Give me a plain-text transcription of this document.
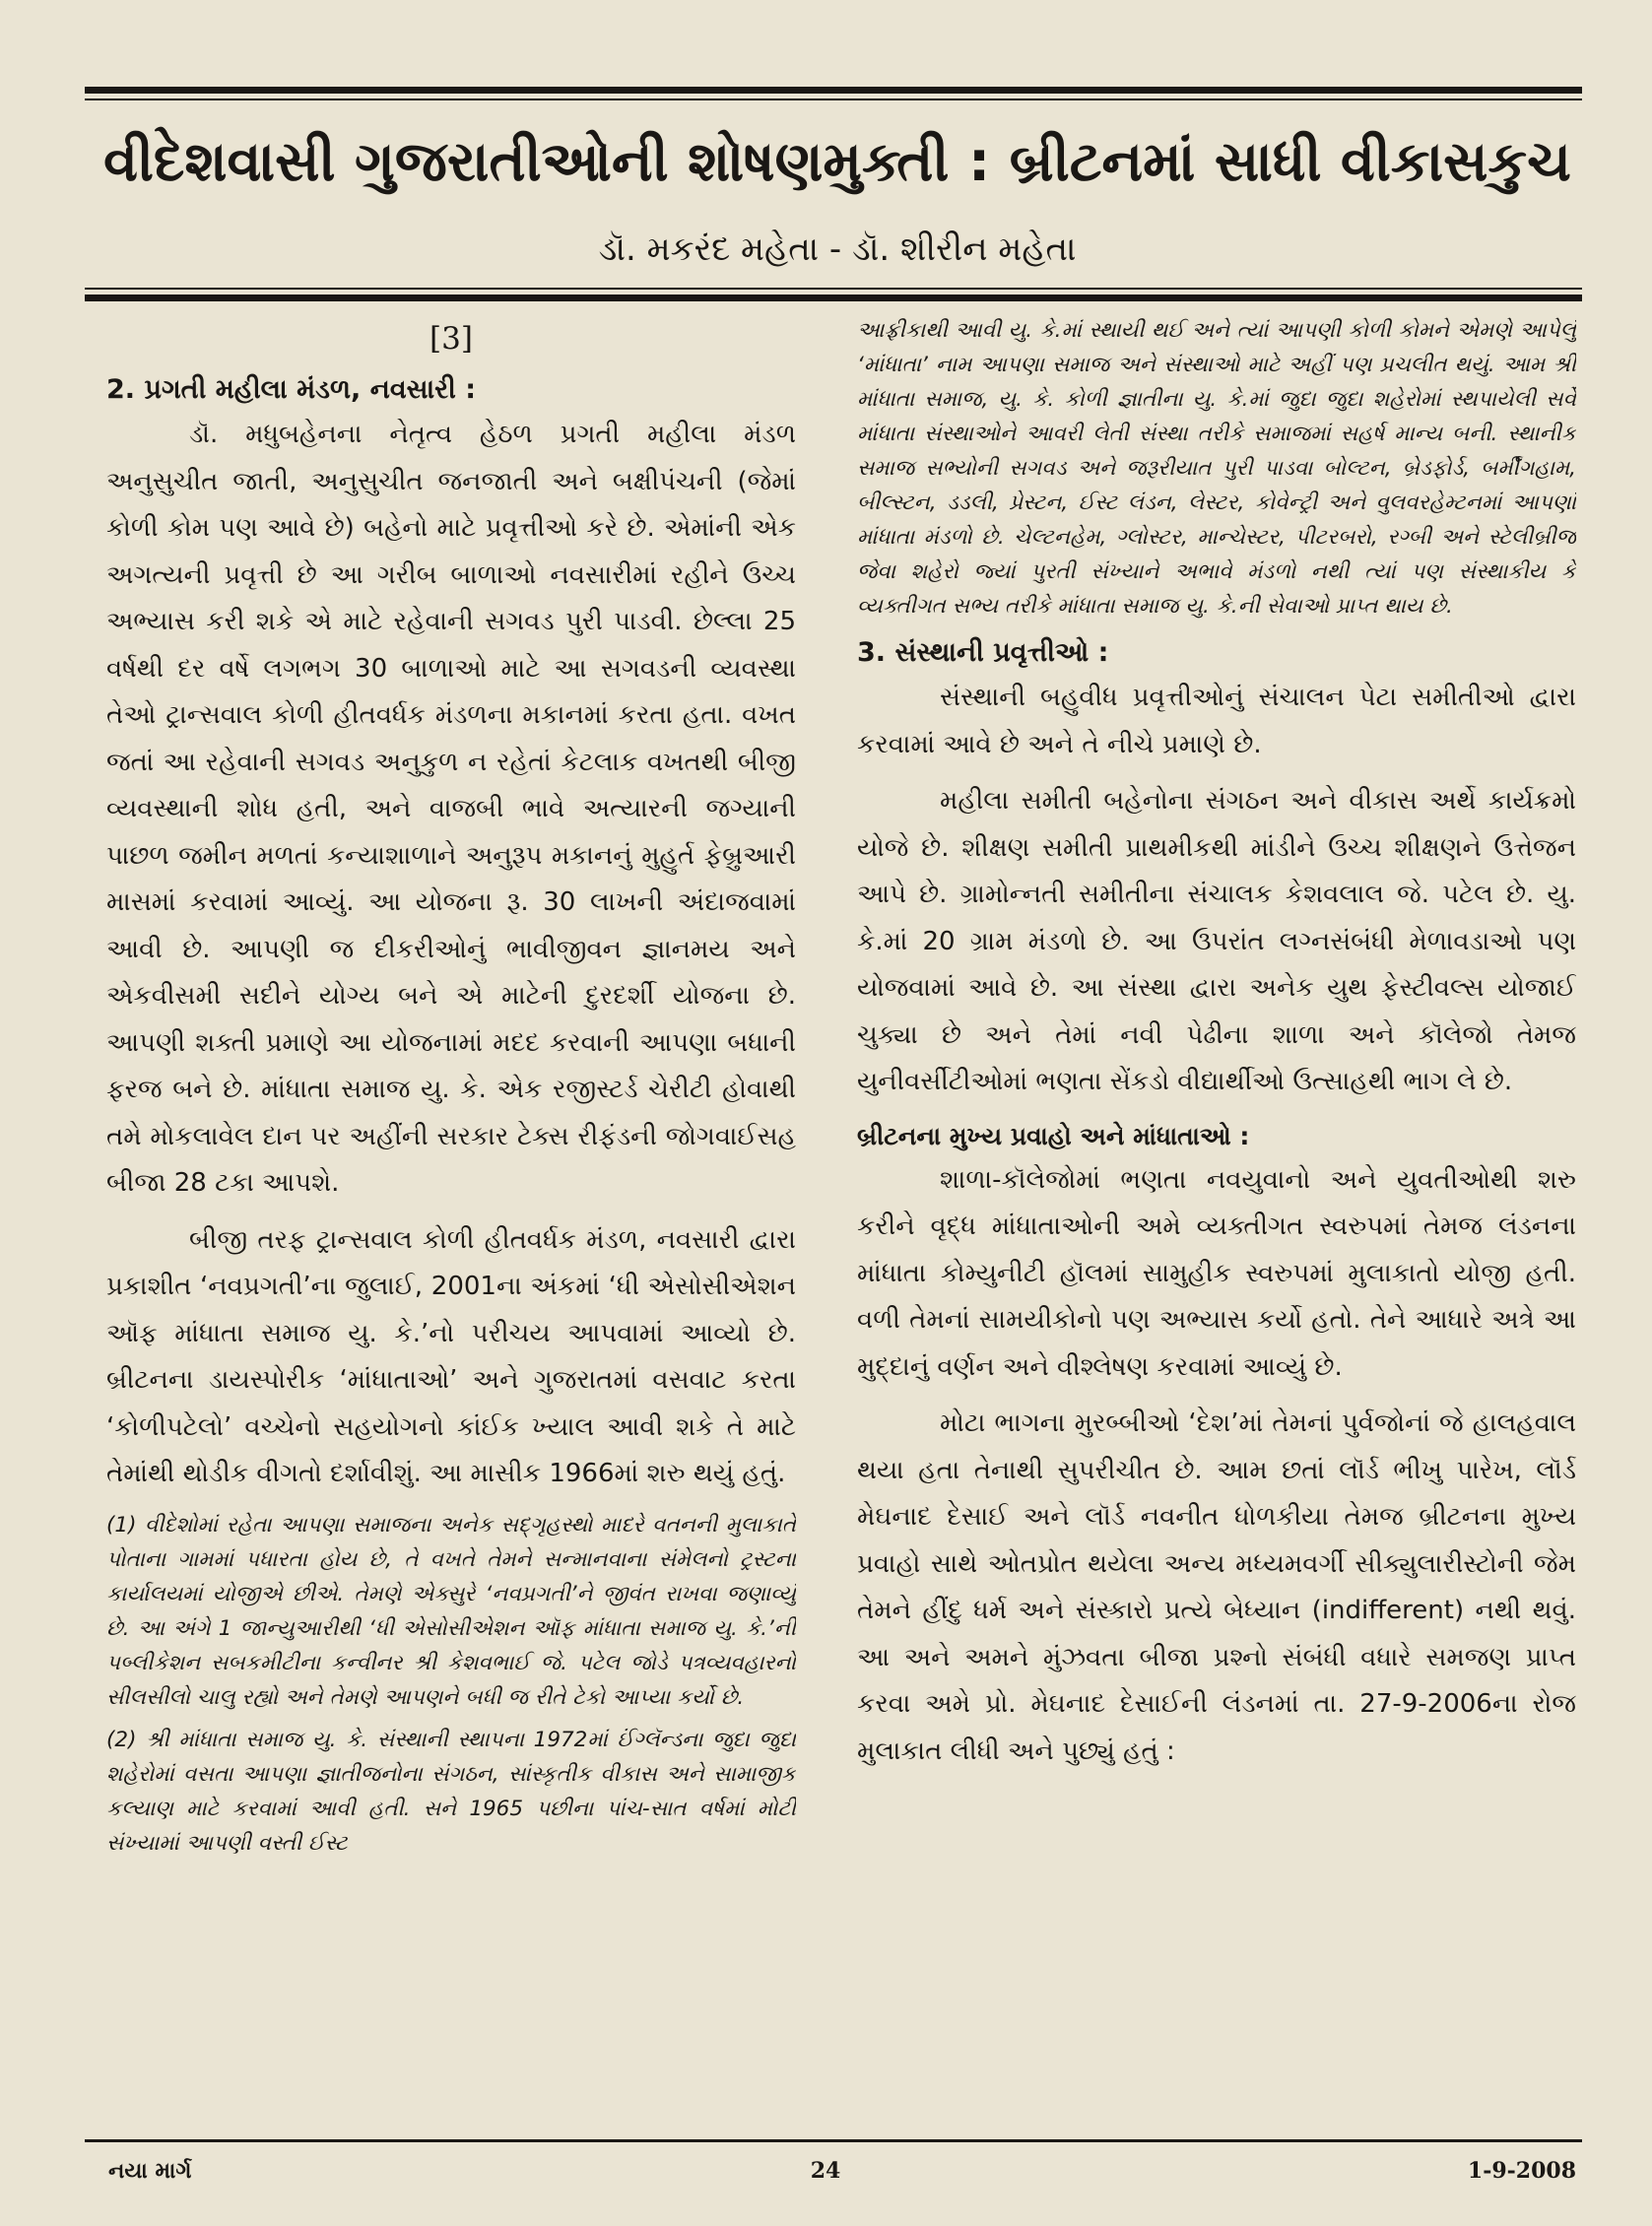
વીદેશવાસી ગુજરાતીઓની શોષણમુક્તી : બ્રીટનમાં સાધી વીકાસકુચ
ડૉ. મકરંદ મહેતા - ડૉ. શીરીન મહેતા
[3]
2. પ્રગતી મહીલા મંડળ, નવસારી :

ડૉ. મધુબહેનના નેતૃત્વ હેઠળ પ્રગતી મહીલા મંડળ અનુસુચીત જાતી, અનુસુચીત જનજાતી અને બક્ષીપંચની (જેમાં કોળી કોમ પણ આવે છે) બહેનો માટે પ્રવૃત્તીઓ કરે છે. એમાંની એક અગત્યની પ્રવૃત્તી છે આ ગરીબ બાળાઓ નવસારીમાં રહીને ઉચ્ચ અભ્યાસ કરી શકે એ માટે રહેવાની સગવડ પુરી પાડવી. છેલ્લા 25 વર્ષથી દર વર્ષે લગભગ 30 બાળાઓ માટે આ સગવડની વ્યવસ્થા તેઓ ટ્રાન્સવાલ કોળી હીતવર્ધક મંડળના મકાનમાં કરતા હતા. વખત જતાં આ રહેવાની સગવડ અનુકુળ ન રહેતાં કેટલાક વખતથી બીજી વ્યવસ્થાની શોધ હતી, અને વાજબી ભાવે અત્યારની જગ્યાની પાછળ જમીન મળતાં કન્યાશાળાને અનુરૂપ મકાનનું મુહુર્ત ફેબ્રુઆરી માસમાં કરવામાં આવ્યું. આ યોજના રૂ. 30 લાખની અંદાજવામાં આવી છે. આપણી જ દીકરીઓનું ભાવીજીવન જ્ઞાનમય અને એકવીસમી સદીને યોગ્ય બને એ માટેની દુરદર્શી યોજના છે. આપણી શક્તી પ્રમાણે આ યોજનામાં મદદ કરવાની આપણા બધાની ફરજ બને છે. માંધાતા સમાજ યુ. કે. એક રજીસ્ટર્ડ ચેરીટી હોવાથી તમે મોકલાવેલ દાન પર અહીંની સરકાર ટેક્સ રીફંડની જોગવાઈસહ બીજા 28 ટકા આપશે.

બીજી તરફ ટ્રાન્સવાલ કોળી હીતવર્ધક મંડળ, નવસારી દ્વારા પ્રકાશીત ‘નવપ્રગતી’ના જુલાઈ, 2001ના અંકમાં ‘ધી એસોસીએશન ઑફ માંધાતા સમાજ યુ. કે.’નો પરીચય આપવામાં આવ્યો છે. બ્રીટનના ડાયસ્પોરીક ‘માંધાતાઓ’ અને ગુજરાતમાં વસવાટ કરતા ‘કોળીપટેલો’ વચ્ચેનો સહયોગનો કાંઈક ખ્યાલ આવી શકે તે માટે તેમાંથી થોડીક વીગતો દર્શાવીશું. આ માસીક 1966માં શરુ થયું હતું.

(1) વીદેશોમાં રહેતા આપણા સમાજના અનેક સદ્‌ગૃહસ્થો માદરે વતનની મુલાકાતે પોતાના ગામમાં પધારતા હોય છે, તે વખતે તેમને સન્માનવાના સંમેલનો ટ્રસ્ટના કાર્યાલયમાં યોજીએ છીએ. તેમણે એક્સુરે ‘નવપ્રગતી’ને જીવંત રાખવા જણાવ્યું છે. આ અંગે 1 જાન્યુઆરીથી ‘ધી એસોસીએશન ઑફ માંધાતા સમાજ યુ. કે.’ની પબ્લીકેશન સબકમીટીના કન્વીનર શ્રી કેશવભાઈ જે. પટેલ જોડે પત્રવ્યવહારનો સીલસીલો ચાલુ રહ્યો અને તેમણે આપણને બધી જ રીતે ટેકો આપ્યા કર્યો છે.

(2) શ્રી માંધાતા સમાજ યુ. કે. સંસ્થાની સ્થાપના 1972માં ઈંગ્લૅન્ડના જુદા જુદા શહેરોમાં વસતા આપણા જ્ઞાતીજનોના સંગઠન, સાંસ્કૃતીક વીકાસ અને સામાજીક કલ્યાણ માટે કરવામાં આવી હતી. સને 1965 પછીના પાંચ-સાત વર્ષમાં મોટી સંખ્યામાં આપણી વસ્તી ઈસ્ટ

આફ્રીકાથી આવી યુ. કે.માં સ્થાયી થઈ અને ત્યાં આપણી કોળી કોમને એમણે આપેલું ‘માંધાતા’ નામ આપણા સમાજ અને સંસ્થાઓ માટે અહીં પણ પ્રચલીત થયું. આમ શ્રી માંધાતા સમાજ, યુ. કે. કોળી જ્ઞાતીના યુ. કે.માં જુદા જુદા શહેરોમાં સ્થપાયેલી સર્વે માંધાતા સંસ્થાઓને આવરી લેતી સંસ્થા તરીકે સમાજમાં સહર્ષ માન્ય બની. સ્થાનીક સમાજ સભ્યોની સગવડ અને જરૂરીયાત પુરી પાડવા બોલ્ટન, બ્રેડફોર્ડ, બર્મીંગહામ, બીલ્સ્ટન, ડડલી, પ્રેસ્ટન, ઈસ્ટ લંડન, લેસ્ટર, કોવેન્ટ્રી અને વુલવરહેમ્ટનમાં આપણાં માંધાતા મંડળો છે. ચેલ્ટનહેમ, ગ્લોસ્ટર, માન્ચેસ્ટર, પીટરબરો, રગ્બી અને સ્ટેલીબ્રીજ જેવા શહેરો જ્યાં પુરતી સંખ્યાને અભાવે મંડળો નથી ત્યાં પણ સંસ્થાકીય કે વ્યક્તીગત સભ્ય તરીકે માંધાતા સમાજ યુ. કે.ની સેવાઓ પ્રાપ્ત થાય છે.

3. સંસ્થાની પ્રવૃત્તીઓ :

સંસ્થાની બહુવીધ પ્રવૃત્તીઓનું સંચાલન પેટા સમીતીઓ દ્વારા કરવામાં આવે છે અને તે નીચે પ્રમાણે છે.

મહીલા સમીતી બહેનોના સંગઠન અને વીકાસ અર્થે કાર્યક્રમો યોજે છે. શીક્ષણ સમીતી પ્રાથમીકથી માંડીને ઉચ્ચ શીક્ષણને ઉત્તેજન આપે છે. ગ્રામોન્નતી સમીતીના સંચાલક કેશવલાલ જે. પટેલ છે. યુ. કે.માં 20 ગ્રામ મંડળો છે. આ ઉપરાંત લગ્નસંબંધી મેળાવડાઓ પણ યોજવામાં આવે છે. આ સંસ્થા દ્વારા અનેક યુથ ફેસ્ટીવલ્સ યોજાઈ ચુક્યા છે અને તેમાં નવી પેઢીના શાળા અને કૉલેજો તેમજ યુનીવર્સીટીઓમાં ભણતા સેંકડો વીદ્યાર્થીઓ ઉત્સાહથી ભાગ લે છે.

બ્રીટનના મુખ્ય પ્રવાહો અને માંધાતાઓ :

શાળા-કૉલેજોમાં ભણતા નવયુવાનો અને યુવતીઓથી શરુ કરીને વૃદ્ધ માંધાતાઓની અમે વ્યક્તીગત સ્વરુપમાં તેમજ લંડનના માંધાતા કોમ્યુનીટી હૉલમાં સામુહીક સ્વરુપમાં મુલાકાતો યોજી હતી. વળી તેમનાં સામયીકોનો પણ અભ્યાસ કર્યો હતો. તેને આધારે અત્રે આ મુદ્દાનું વર્ણન અને વીશ્લેષણ કરવામાં આવ્યું છે.

મોટા ભાગના મુરબ્બીઓ ‘દેશ’માં તેમનાં પુર્વજોનાં જે હાલહવાલ થયા હતા તેનાથી સુપરીચીત છે. આમ છતાં લૉર્ડ ભીખુ પારેખ, લૉર્ડ મેઘનાદ દેસાઈ અને લૉર્ડ નવનીત ધોળકીયા તેમજ બ્રીટનના મુખ્ય પ્રવાહો સાથે ઓતપ્રોત થયેલા અન્ય મધ્યમવર્ગી સીક્યુલારીસ્ટોની જેમ તેમને હીંદુ ધર્મ અને સંસ્કારો પ્રત્યે બેધ્યાન (indifferent) નથી થવું. આ અને અમને મુંઝવતા બીજા પ્રશ્નો સંબંધી વધારે સમજણ પ્રાપ્ત કરવા અમે પ્રો. મેઘનાદ દેસાઈની લંડનમાં તા. 27-9-2006ના રોજ મુલાકાત લીધી અને પુછ્યું હતું :

નયા માર્ગ	24	1-9-2008
